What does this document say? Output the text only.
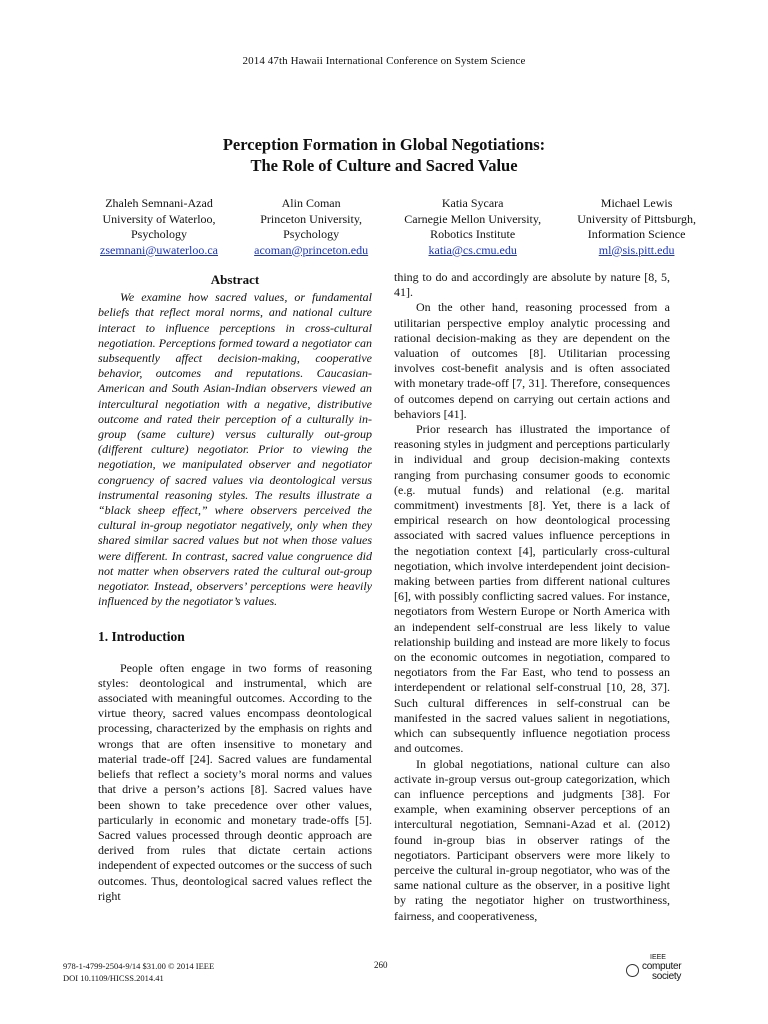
2014 47th Hawaii International Conference on System Science
Perception Formation in Global Negotiations:
The Role of Culture and Sacred Value
Zhaleh Semnani-Azad
University of Waterloo,
Psychology
zsemnani@uwaterloo.ca
Alin Coman
Princeton University,
Psychology
acoman@princeton.edu
Katia Sycara
Carnegie Mellon University,
Robotics Institute
katia@cs.cmu.edu
Michael Lewis
University of Pittsburgh,
Information Science
ml@sis.pitt.edu
Abstract

We examine how sacred values, or fundamental beliefs that reflect moral norms, and national culture interact to influence perceptions in cross-cultural negotiation. Perceptions formed toward a negotiator can subsequently affect decision-making, cooperative behavior, outcomes and reputations. Caucasian-American and South Asian-Indian observers viewed an intercultural negotiation with a negative, distributive outcome and rated their perception of a culturally in-group (same culture) versus culturally out-group (different culture) negotiator. Prior to viewing the negotiation, we manipulated observer and negotiator congruency of sacred values via deontological versus instrumental reasoning styles. The results illustrate a “black sheep effect,” where observers perceived the cultural in-group negotiator negatively, only when they shared similar sacred values but not when those values were different. In contrast, sacred value congruence did not matter when observers rated the cultural out-group negotiator. Instead, observers’ perceptions were heavily influenced by the negotiator’s values.

1. Introduction

People often engage in two forms of reasoning styles: deontological and instrumental, which are associated with meaningful outcomes. According to the virtue theory, sacred values encompass deontological processing, characterized by the emphasis on rights and wrongs that are often insensitive to monetary and material trade-off [24]. Sacred values are fundamental beliefs that reflect a society’s moral norms and values that drive a person’s actions [8]. Sacred values have been shown to take precedence over other values, particularly in economic and monetary trade-offs [5]. Sacred values processed through deontic approach are derived from rules that dictate certain actions independent of expected outcomes or the success of such outcomes. Thus, deontological sacred values reflect the right

thing to do and accordingly are absolute by nature [8, 5, 41].

On the other hand, reasoning processed from a utilitarian perspective employ analytic processing and rational decision-making as they are dependent on the valuation of outcomes [8]. Utilitarian processing involves cost-benefit analysis and is often associated with monetary trade-off [7, 31]. Therefore, consequences of outcomes depend on carrying out certain actions and behaviors [41].

Prior research has illustrated the importance of reasoning styles in judgment and perceptions particularly in individual and group decision-making contexts ranging from purchasing consumer goods to economic (e.g. mutual funds) and relational (e.g. marital commitment) investments [8]. Yet, there is a lack of empirical research on how deontological processing associated with sacred values influence perceptions in the negotiation context [4], particularly cross-cultural negotiation, which involve interdependent joint decision-making between parties from different national cultures [6], with possibly conflicting sacred values. For instance, negotiators from Western Europe or North America with an independent self-construal are less likely to value relationship building and instead are more likely to focus on the economic outcomes in negotiation, compared to negotiators from the Far East, who tend to possess an interdependent or relational self-construal [10, 28, 37]. Such cultural differences in self-construal can be manifested in the sacred values salient in negotiations, which can subsequently influence negotiation process and outcomes.

In global negotiations, national culture can also activate in-group versus out-group categorization, which can influence perceptions and judgments [38]. For example, when examining observer perceptions of an intercultural negotiation, Semnani-Azad et al. (2012) found in-group bias in observer ratings of the negotiators. Participant observers were more likely to perceive the cultural in-group negotiator, who was of the same national culture as the observer, in a positive light by rating the negotiator higher on trustworthiness, fairness, and cooperativeness,

978-1-4799-2504-9/14 $31.00 © 2014 IEEE
DOI 10.1109/HICSS.2014.41
260
IEEE
computer
society
